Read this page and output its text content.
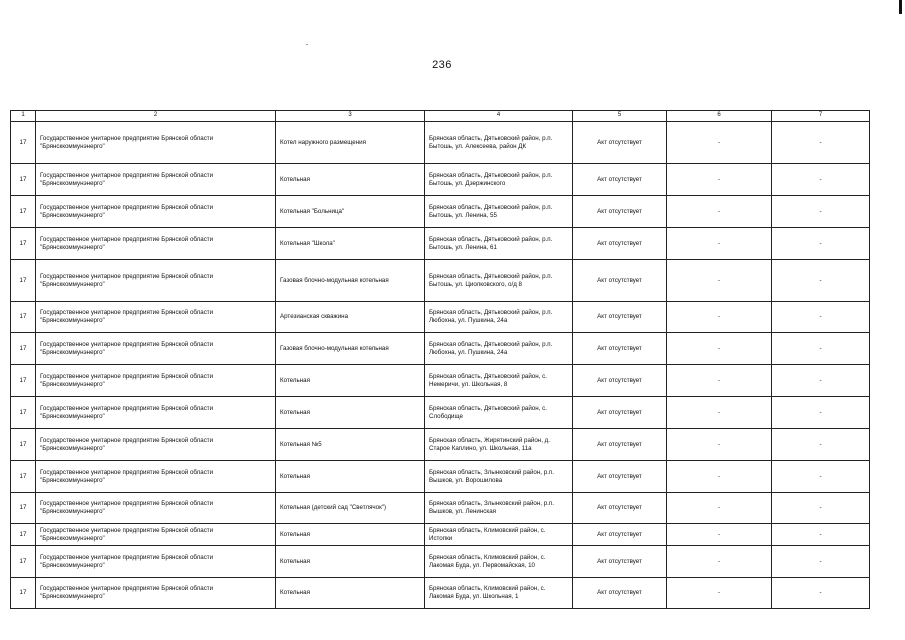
236
1	2	3	4	5	6	7
17	Государственное унитарное предприятие Брянской области "Брянсккоммунэнерго"	Котел наружного размещения	Брянская область, Дятьковский район, р.п. Бытошь, ул. Алексеева, район ДК	Акт отсутствует	-	-
17	Государственное унитарное предприятие Брянской области "Брянсккоммунэнерго"	Котельная	Брянская область, Дятьковский район, р.п. Бытошь, ул. Дзержинского	Акт отсутствует	-	-
17	Государственное унитарное предприятие Брянской области "Брянсккоммунэнерго"	Котельная "Больница"	Брянская область, Дятьковский район, р.п. Бытошь, ул. Ленина, 55	Акт отсутствует	-	-
17	Государственное унитарное предприятие Брянской области "Брянсккоммунэнерго"	Котельная "Школа"	Брянская область, Дятьковский район, р.п. Бытошь, ул. Ленина, 61	Акт отсутствует	-	-
17	Государственное унитарное предприятие Брянской области "Брянсккоммунэнерго"	Газовая блочно-модульная котельная	Брянская область, Дятьковский район, р.п. Бытошь, ул. Циолковского, о/д 8	Акт отсутствует	-	-
17	Государственное унитарное предприятие Брянской области "Брянсккоммунэнерго"	Артезианская скважина	Брянская область, Дятьковский район, р.п. Любохна, ул. Пушкина, 24а	Акт отсутствует	-	-
17	Государственное унитарное предприятие Брянской области "Брянсккоммунэнерго"	Газовая блочно-модульная котельная	Брянская область, Дятьковский район, р.п. Любохна, ул. Пушкина, 24а	Акт отсутствует	-	-
17	Государственное унитарное предприятие Брянской области "Брянсккоммунэнерго"	Котельная	Брянская область, Дятьковский район, с. Немеричи, ул. Школьная, 8	Акт отсутствует	-	-
17	Государственное унитарное предприятие Брянской области "Брянсккоммунэнерго"	Котельная	Брянская область, Дятьковский район, с. Слободище	Акт отсутствует	-	-
17	Государственное унитарное предприятие Брянской области "Брянсккоммунэнерго"	Котельная №5	Брянская область, Жирятинский район, д. Старое Каплино, ул. Школьная, 11а	Акт отсутствует	-	-
17	Государственное унитарное предприятие Брянской области "Брянсккоммунэнерго"	Котельная	Брянская область, Злынковский район, р.п. Вышков, ул. Ворошилова	Акт отсутствует	-	-
17	Государственное унитарное предприятие Брянской области "Брянсккоммунэнерго"	Котельная (детский сад "Светлячок")	Брянская область, Злынковский район, р.п. Вышков, ул. Ленинская	Акт отсутствует	-	-
17	Государственное унитарное предприятие Брянской области "Брянсккоммунэнерго"	Котельная	Брянская область, Климовский район, с. Истопки	Акт отсутствует	-	-
17	Государственное унитарное предприятие Брянской области "Брянсккоммунэнерго"	Котельная	Брянская область, Климовский район, с. Лакомая Буда, ул. Первомайская, 10	Акт отсутствует	-	-
17	Государственное унитарное предприятие Брянской области "Брянсккоммунэнерго"	Котельная	Брянская область, Климовский район, с. Лакомая Буда, ул. Школьная, 1	Акт отсутствует	-	-
